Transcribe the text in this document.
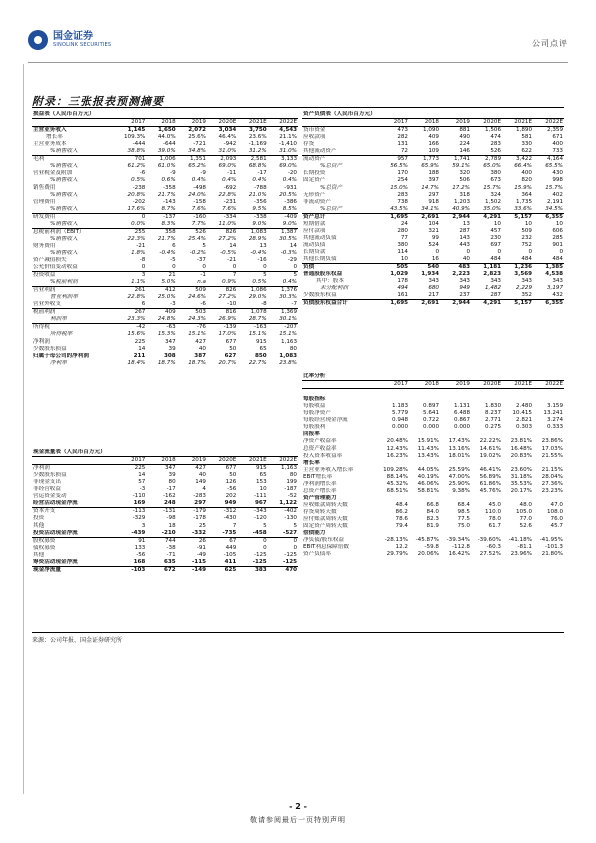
国金证券
SINOLINK SECURITIES	公司点评
附录：三张报表预测摘要
损益表（人民币百万元）						
	2017	2018	2019	2020E	2021E	2022E
主营业务收入	1,145	1,650	2,072	3,034	3,750	4,543
增长率	109.3%	44.0%	25.6%	46.4%	23.6%	21.1%
主营业务成本	-444	-644	-721	-942	-1,169	-1,410
%销售收入	38.8%	39.0%	34.8%	31.0%	31.2%	31.0%
毛利	701	1,006	1,351	2,093	2,581	3,133
%销售收入	61.2%	61.0%	65.2%	69.0%	68.8%	69.0%
营业税金及附加	-6	-9	-9	-11	-17	-20
%销售收入	0.5%	0.6%	0.4%	0.4%	0.4%	0.4%
销售费用	-238	-358	-498	-692	-788	-931
%销售收入	20.8%	21.7%	24.0%	22.8%	21.0%	20.5%
管理费用	-202	-143	-158	-231	-356	-386
%销售收入	17.6%	8.7%	7.6%	7.6%	9.5%	8.5%
研发费用	0	-137	-160	-334	-338	-409
%销售收入	0.0%	8.3%	7.7%	11.0%	9.0%	9.0%
息税前利润（EBIT）	255	358	526	826	1,083	1,387
%销售收入	22.3%	21.7%	25.4%	27.2%	28.9%	30.5%
财务费用	-21	6	5	14	13	14
%销售收入	1.8%	-0.4%	-0.2%	-0.5%	-0.4%	-0.3%
资产减值损失	-8	-5	-37	-21	-16	-29
公允价值变动收益	0	0	0	0	0	0
投资收益	3	21	-1	7	5	5
%税前利润	1.1%	5.0%	n.a	0.9%	0.5%	0.4%
营业利润	261	412	509	826	1,086	1,376
营业利润率	22.8%	25.0%	24.6%	27.2%	29.0%	30.3%
营业外收支	6	-3	-6	-10	-8	-7
税前利润	267	409	503	816	1,078	1,369
利润率	23.3%	24.8%	24.3%	26.9%	28.7%	30.1%
所得税	-42	-63	-76	-139	-163	-207
所得税率	15.6%	15.3%	15.1%	17.0%	15.1%	15.1%
净利润	225	347	427	677	915	1,163
少数股东损益	14	39	40	50	65	80
归属于母公司的净利润	211	308	387	627	850	1,083
净利率	18.4%	18.7%	18.7%	20.7%	22.7%	23.8%
资产负债表（人民币百万元）						
	2017	2018	2019	2020E	2021E	2022E
货币资金	473	1,090	881	1,506	1,890	2,359
应收款项	282	409	490	474	581	671
存货	131	166	224	283	330	400
其他流动资产	72	109	146	526	622	733
流动资产	957	1,773	1,741	2,789	3,422	4,164
%总资产	56.5%	65.9%	59.1%	65.0%	66.4%	65.5%
长期投资	170	188	320	380	400	430
固定资产	254	397	506	673	820	998
%总资产	15.0%	14.7%	17.2%	15.7%	15.9%	15.7%
无形资产	283	297	318	324	364	402
非流动资产	738	918	1,203	1,502	1,735	2,191
%总资产	43.5%	34.1%	40.9%	35.0%	33.6%	34.5%
资产总计	1,695	2,691	2,944	4,291	5,157	6,355
短期借款	24	104	13	10	10	10
应付款项	280	321	287	457	509	606
其他流动负债	77	99	143	230	232	285
流动负债	380	524	443	697	752	901
长期贷款	114	0	0	0	0	0
其他长期负债	10	16	40	484	484	484
负债	505	540	483	1,181	1,236	1,385
普通股股东权益	1,029	1,934	2,223	2,823	3,569	4,538
其中：股本	178	343	343	343	343	343
未分配利润	494	680	949	1,482	2,229	3,197
少数股东权益	161	217	237	287	352	432
负债股东权益合计	1,695	2,691	2,944	4,291	5,157	6,355
现金流量表（人民币百万元）						
	2017	2018	2019	2020E	2021E	2022E
净利润	225	347	427	677	915	1,163
少数股东损益	14	39	40	50	65	80
非现金支出	57	80	149	126	153	199
非经营收益	-3	-17	4	-56	10	-187
营运资金变动	-110	-162	-283	202	-111	-52
经营活动现金净流	169	248	297	949	967	1,122
资本开支	-113	-131	-179	-312	-343	-402
投资	-329	-98	-178	-430	-120	-130
其他	3	18	25	7	5	5
投资活动现金净流	-439	-210	-332	-735	-458	-527
股权募资	91	744	26	67	0	0
债权募资	133	-38	-91	449	0	0
其他	-56	-71	-49	-105	-125	-125
筹资活动现金净流	168	635	-115	411	-125	-125
现金净流量	-103	672	-149	625	383	470
比率分析						
	2017	2018	2019	2020E	2021E	2022E

每股指标						
每股收益	1.183	0.897	1.131	1.830	2.480	3.159
每股净资产	5.779	5.641	6.488	8.237	10.415	13.241
每股经营现金净流	0.948	0.722	0.867	2.771	2.821	3.274
每股股利	0.000	0.000	0.000	0.275	0.303	0.333
回报率						
净资产收益率	20.48%	15.91%	17.43%	22.22%	23.81%	23.86%
总资产收益率	12.43%	11.43%	13.16%	14.61%	16.48%	17.03%
投入资本收益率	16.23%	13.43%	18.01%	19.02%	20.83%	21.55%
增长率						
主营业务收入增长率	109.28%	44.05%	25.59%	46.41%	23.60%	21.15%
EBIT增长率	88.14%	40.19%	47.00%	56.89%	31.18%	28.04%
净利润增长率	45.32%	46.06%	25.90%	61.86%	35.53%	27.36%
总资产增长率	68.51%	58.81%	9.38%	45.76%	20.17%	23.23%
资产管理能力						
应收账款周转天数	48.4	66.8	68.4	45.0	48.0	47.0
存货周转天数	86.2	84.0	98.5	110.0	105.0	108.0
应付账款周转天数	78.6	82.3	77.5	78.0	77.0	76.0
固定资产周转天数	79.4	81.9	75.0	61.7	52.6	45.7
偿债能力						
净负债/股东权益	-28.13%	-45.87%	-39.34%	-39.60%	-41.18%	-41.95%
EBIT利息保障倍数	12.2	-59.8	-112.8	-60.3	-81.1	-101.3
资产负债率	29.79%	20.06%	16.42%	27.52%	23.96%	21.80%
来源：公司年报、国金证券研究所
- 2 -
敬请参阅最后一页特别声明
